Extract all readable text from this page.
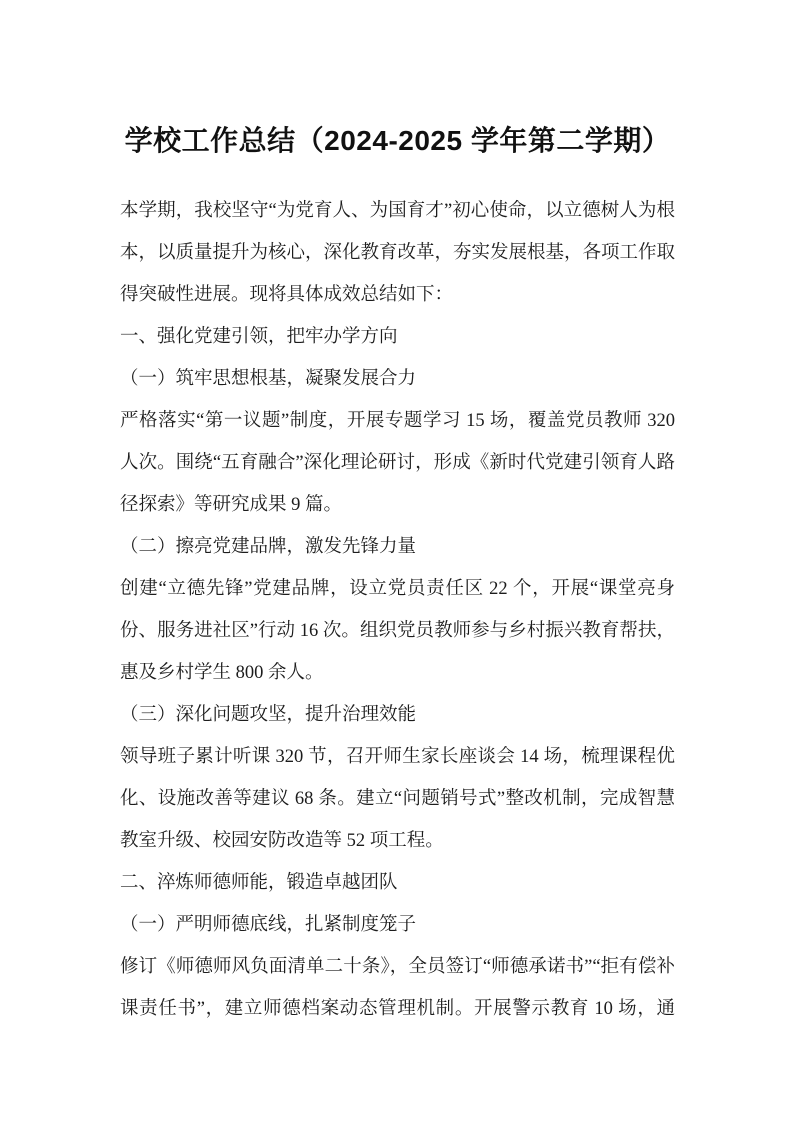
学校工作总结（2024-2025 学年第二学期）

本学期，我校坚守“为党育人、为国育才”初心使命，以立德树人为根本，以质量提升为核心，深化教育改革，夯实发展根基，各项工作取得突破性进展。现将具体成效总结如下：

一、强化党建引领，把牢办学方向

（一）筑牢思想根基，凝聚发展合力

严格落实“第一议题”制度，开展专题学习 15 场，覆盖党员教师 320 人次。围绕“五育融合”深化理论研讨，形成《新时代党建引领育人路径探索》等研究成果 9 篇。

（二）擦亮党建品牌，激发先锋力量

创建“立德先锋”党建品牌，设立党员责任区 22 个，开展“课堂亮身份、服务进社区”行动 16 次。组织党员教师参与乡村振兴教育帮扶，惠及乡村学生 800 余人。

（三）深化问题攻坚，提升治理效能

领导班子累计听课 320 节，召开师生家长座谈会 14 场，梳理课程优化、设施改善等建议 68 条。建立“问题销号式”整改机制，完成智慧教室升级、校园安防改造等 52 项工程。

二、淬炼师德师能，锻造卓越团队

（一）严明师德底线，扎紧制度笼子

修订《师德师风负面清单二十条》，全员签订“师德承诺书”“拒有偿补课责任书”，建立师德档案动态管理机制。开展警示教育 10 场，通
